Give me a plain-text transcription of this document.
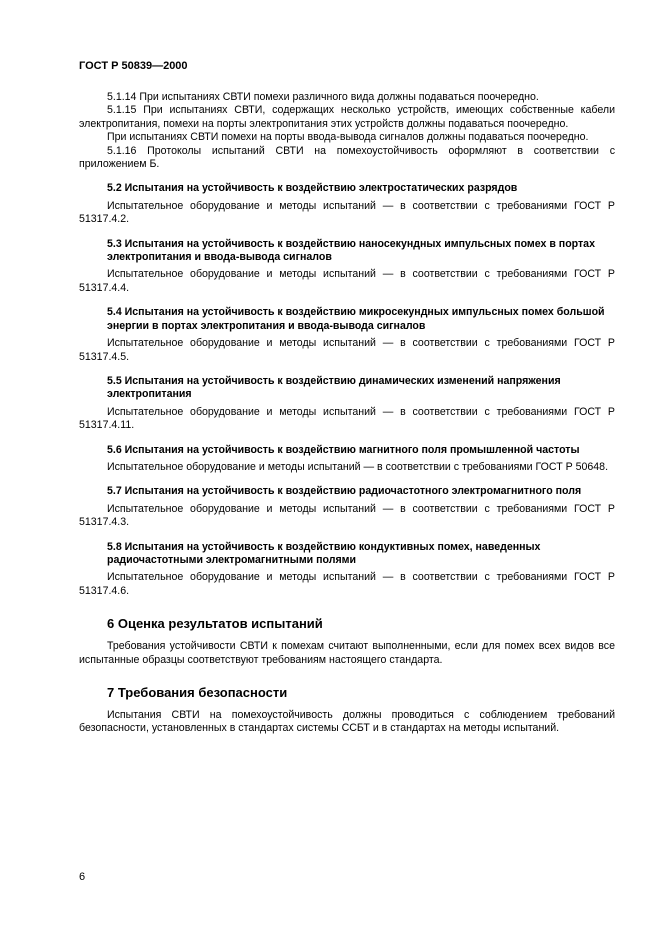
ГОСТ Р 50839—2000

5.1.14 При испытаниях СВТИ помехи различного вида должны подаваться поочередно.

5.1.15 При испытаниях СВТИ, содержащих несколько устройств, имеющих собственные кабели электропитания, помехи на порты электропитания этих устройств должны подаваться поочередно.

При испытаниях СВТИ помехи на порты ввода-вывода сигналов должны подаваться поочередно.

5.1.16 Протоколы испытаний СВТИ на помехоустойчивость оформляют в соответствии с приложением Б.

5.2 Испытания на устойчивость к воздействию электростатических разрядов

Испытательное оборудование и методы испытаний — в соответствии с требованиями ГОСТ Р 51317.4.2.

5.3 Испытания на устойчивость к воздействию наносекундных импульсных помех в портах электропитания и ввода-вывода сигналов

Испытательное оборудование и методы испытаний — в соответствии с требованиями ГОСТ Р 51317.4.4.

5.4 Испытания на устойчивость к воздействию микросекундных импульсных помех большой энергии в портах электропитания и ввода-вывода сигналов

Испытательное оборудование и методы испытаний — в соответствии с требованиями ГОСТ Р 51317.4.5.

5.5 Испытания на устойчивость к воздействию динамических изменений напряжения электропитания

Испытательное оборудование и методы испытаний — в соответствии с требованиями ГОСТ Р 51317.4.11.

5.6 Испытания на устойчивость к воздействию магнитного поля промышленной частоты

Испытательное оборудование и методы испытаний — в соответствии с требованиями ГОСТ Р 50648.

5.7 Испытания на устойчивость к воздействию радиочастотного электромагнитного поля

Испытательное оборудование и методы испытаний — в соответствии с требованиями ГОСТ Р 51317.4.3.

5.8 Испытания на устойчивость к воздействию кондуктивных помех, наведенных радиочастотными электромагнитными полями

Испытательное оборудование и методы испытаний — в соответствии с требованиями ГОСТ Р 51317.4.6.

6 Оценка результатов испытаний

Требования устойчивости СВТИ к помехам считают выполненными, если для помех всех видов все испытанные образцы соответствуют требованиям настоящего стандарта.

7 Требования безопасности

Испытания СВТИ на помехоустойчивость должны проводиться с соблюдением требований безопасности, установленных в стандартах системы ССБТ и в стандартах на методы испытаний.

6
